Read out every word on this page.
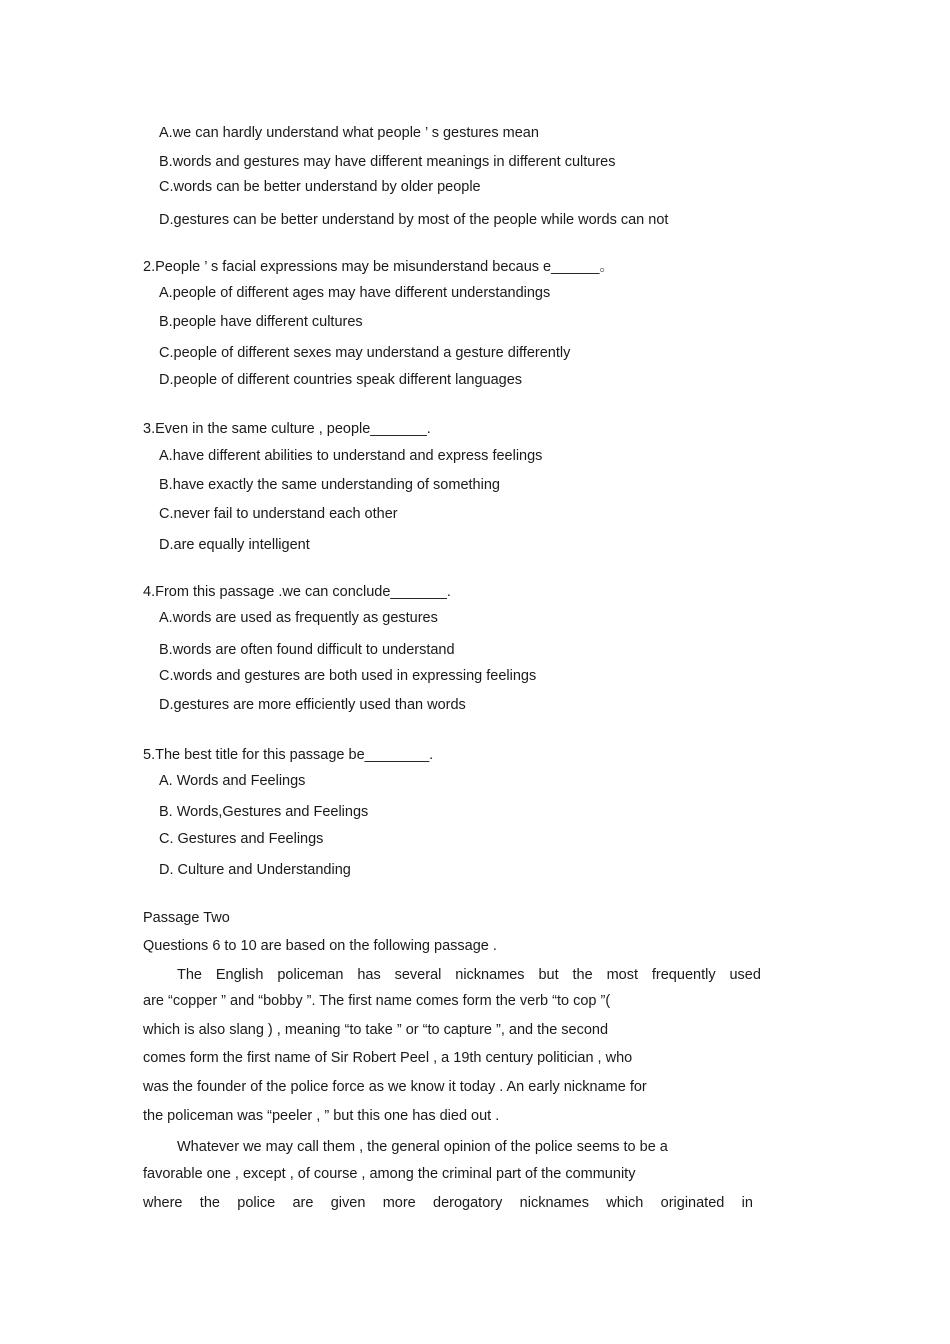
A.we can hardly understand what people ’ s gestures mean
B.words and gestures may have different meanings in different cultures
C.words can be better understand by older people
D.gestures can be better understand by most of the people while words can not
2.People ’ s facial expressions may be misunderstand becaus e______。
A.people of different ages may have different understandings
B.people have different cultures
C.people of different sexes may understand a gesture differently
D.people of different countries speak different languages
3.Even in the same culture , people_______.
A.have different abilities to understand and express feelings
B.have exactly the same understanding of something
C.never fail to understand each other
D.are equally intelligent
4.From this passage .we can conclude_______.
A.words are used as frequently as gestures
B.words are often found difficult to understand
C.words and gestures are both used in expressing feelings
D.gestures are more efficiently used than words
5.The best title for this passage be________.
A. Words and Feelings
B. Words,Gestures and Feelings
C. Gestures and Feelings
D. Culture and Understanding
Passage Two
Questions 6 to 10 are based on the following passage .
The English policeman has several nicknames but the most frequently used
are “copper ” and “bobby ”. The first name comes form the verb “to cop ”(
which is also slang ) , meaning “to take ” or “to capture ”, and the second
comes form the first name of Sir Robert Peel , a 19th century politician , who
was the founder of the police force as we know it today . An early nickname for
the policeman was “peeler , ” but this one has died out .
Whatever we may call them , the general opinion of the police seems to be a
favorable one , except , of course , among the criminal part of the community
where the police are given more derogatory nicknames which originated in
